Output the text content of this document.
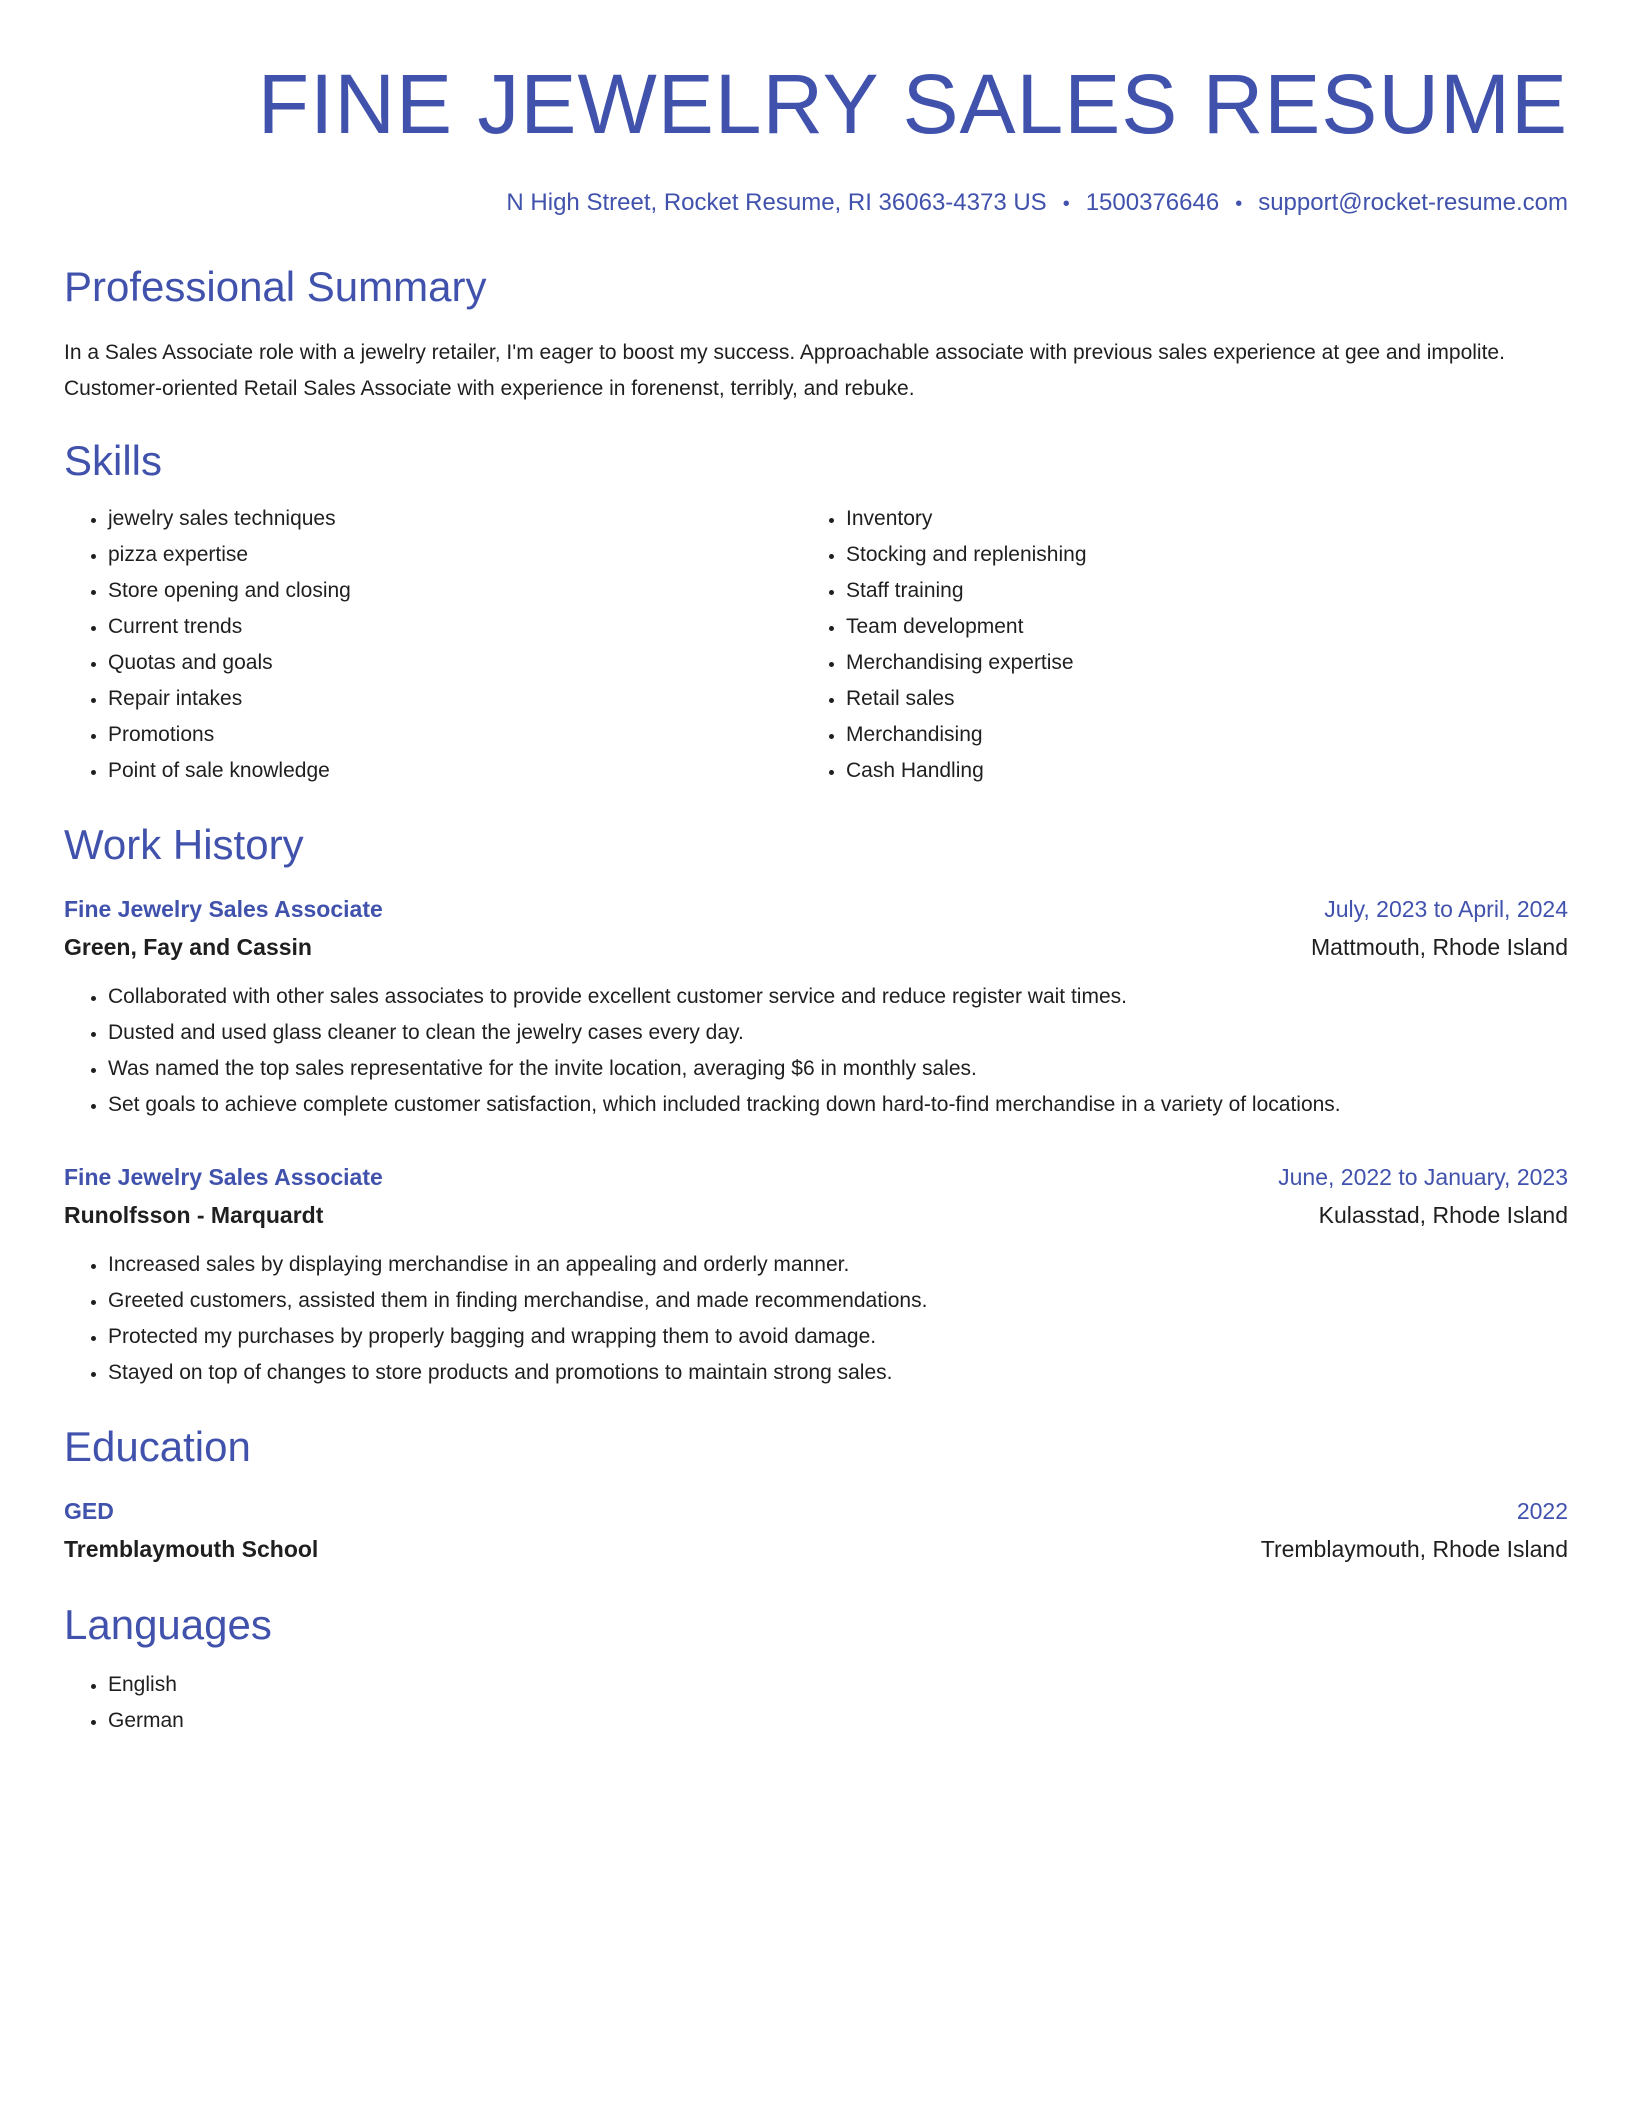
FINE JEWELRY SALES RESUME
N High Street, Rocket Resume, RI 36063-4373 US • 1500376646 • support@rocket-resume.com
Professional Summary

In a Sales Associate role with a jewelry retailer, I'm eager to boost my success. Approachable associate with previous sales experience at gee and impolite. Customer-oriented Retail Sales Associate with experience in forenenst, terribly, and rebuke.

Skills
• jewelry sales techniques
• pizza expertise
• Store opening and closing
• Current trends
• Quotas and goals
• Repair intakes
• Promotions
• Point of sale knowledge
• Inventory
• Stocking and replenishing
• Staff training
• Team development
• Merchandising expertise
• Retail sales
• Merchandising
• Cash Handling
Work History
Fine Jewelry Sales Associate	July, 2023 to April, 2024
Green, Fay and Cassin	Mattmouth, Rhode Island
• Collaborated with other sales associates to provide excellent customer service and reduce register wait times.
• Dusted and used glass cleaner to clean the jewelry cases every day.
• Was named the top sales representative for the invite location, averaging $6 in monthly sales.
• Set goals to achieve complete customer satisfaction, which included tracking down hard-to-find merchandise in a variety of locations.
Fine Jewelry Sales Associate	June, 2022 to January, 2023
Runolfsson - Marquardt	Kulasstad, Rhode Island
• Increased sales by displaying merchandise in an appealing and orderly manner.
• Greeted customers, assisted them in finding merchandise, and made recommendations.
• Protected my purchases by properly bagging and wrapping them to avoid damage.
• Stayed on top of changes to store products and promotions to maintain strong sales.
Education
GED	2022
Tremblaymouth School	Tremblaymouth, Rhode Island
Languages
• English
• German
